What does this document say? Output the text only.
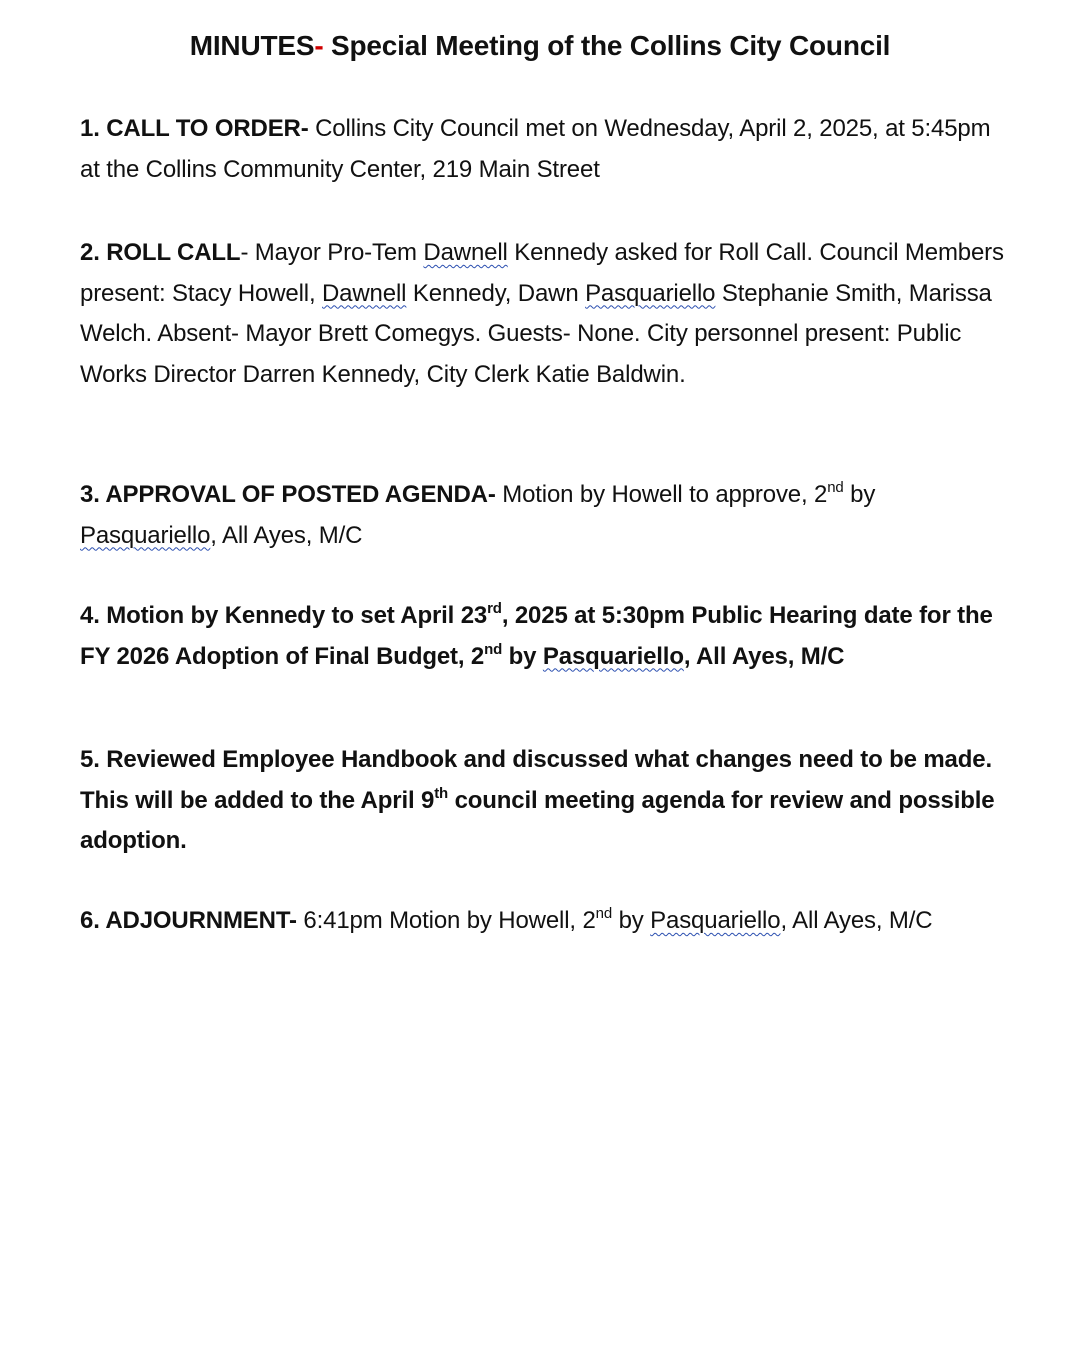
MINUTES- Special Meeting of the Collins City Council
1. CALL TO ORDER- Collins City Council met on Wednesday, April 2, 2025, at 5:45pm at the Collins Community Center, 219 Main Street
2. ROLL CALL- Mayor Pro-Tem Dawnell Kennedy asked for Roll Call. Council Members present: Stacy Howell, Dawnell Kennedy, Dawn Pasquariello Stephanie Smith, Marissa Welch. Absent- Mayor Brett Comegys. Guests- None. City personnel present: Public Works Director Darren Kennedy, City Clerk Katie Baldwin.
3. APPROVAL OF POSTED AGENDA- Motion by Howell to approve, 2nd by Pasquariello, All Ayes, M/C
4. Motion by Kennedy to set April 23rd, 2025 at 5:30pm Public Hearing date for the FY 2026 Adoption of Final Budget, 2nd by Pasquariello, All Ayes, M/C
5. Reviewed Employee Handbook and discussed what changes need to be made. This will be added to the April 9th council meeting agenda for review and possible adoption.
6. ADJOURNMENT- 6:41pm Motion by Howell, 2nd by Pasquariello, All Ayes, M/C
